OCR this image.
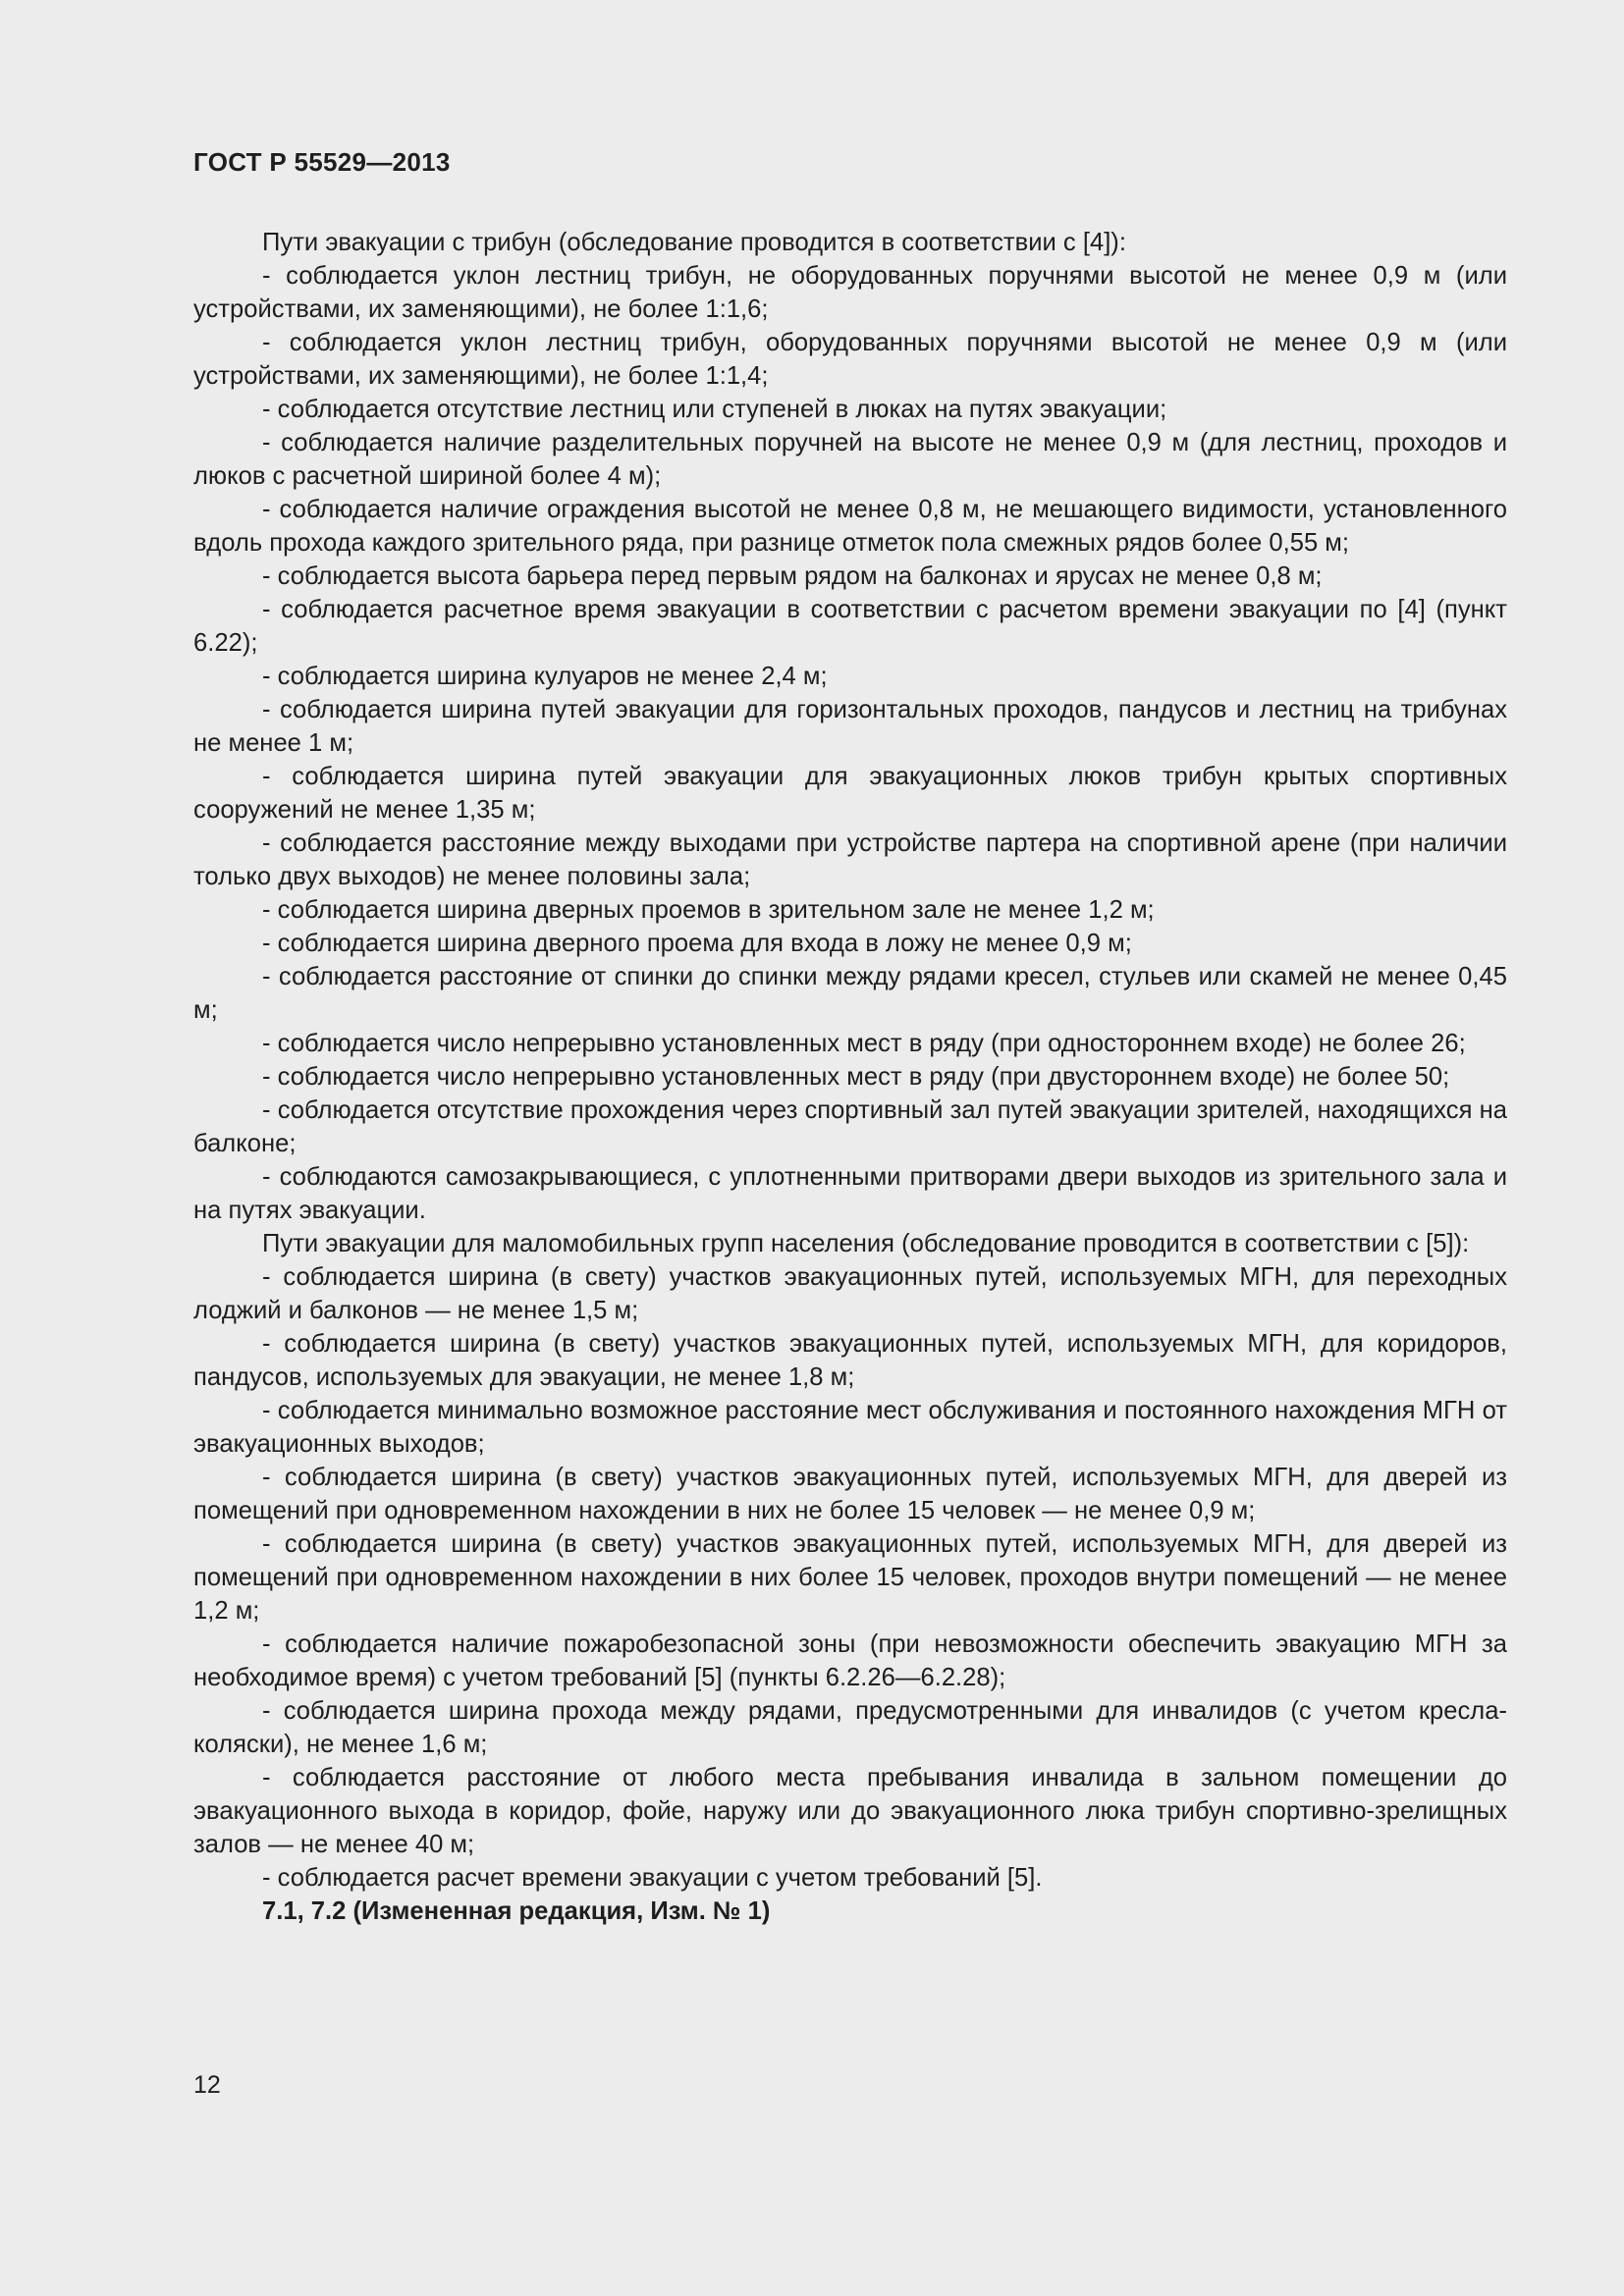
ГОСТ Р 55529—2013

Пути эвакуации с трибун (обследование проводится в соответствии с [4]):

- соблюдается уклон лестниц трибун, не оборудованных поручнями высотой не менее 0,9 м (или устройствами, их заменяющими), не более 1:1,6;

- соблюдается уклон лестниц трибун, оборудованных поручнями высотой не менее 0,9 м (или устройствами, их заменяющими), не более 1:1,4;

- соблюдается отсутствие лестниц или ступеней в люках на путях эвакуации;

- соблюдается наличие разделительных поручней на высоте не менее 0,9 м (для лестниц, проходов и люков с расчетной шириной более 4 м);

- соблюдается наличие ограждения высотой не менее 0,8 м, не мешающего видимости, установленного вдоль прохода каждого зрительного ряда, при разнице отметок пола смежных рядов более 0,55 м;

- соблюдается высота барьера перед первым рядом на балконах и ярусах не менее 0,8 м;

- соблюдается расчетное время эвакуации в соответствии с расчетом времени эвакуации по [4] (пункт 6.22);

- соблюдается ширина кулуаров не менее 2,4 м;

- соблюдается ширина путей эвакуации для горизонтальных проходов, пандусов и лестниц на трибунах не менее 1 м;

- соблюдается ширина путей эвакуации для эвакуационных люков трибун крытых спортивных сооружений не менее 1,35 м;

- соблюдается расстояние между выходами при устройстве партера на спортивной арене (при наличии только двух выходов) не менее половины зала;

- соблюдается ширина дверных проемов в зрительном зале не менее 1,2 м;

- соблюдается ширина дверного проема для входа в ложу не менее 0,9 м;

- соблюдается расстояние от спинки до спинки между рядами кресел, стульев или скамей не менее 0,45 м;

- соблюдается число непрерывно установленных мест в ряду (при одностороннем входе) не более 26;

- соблюдается число непрерывно установленных мест в ряду (при двустороннем входе) не более 50;

- соблюдается отсутствие прохождения через спортивный зал путей эвакуации зрителей, находящихся на балконе;

- соблюдаются самозакрывающиеся, с уплотненными притворами двери выходов из зрительного зала и на путях эвакуации.

Пути эвакуации для маломобильных групп населения (обследование проводится в соответствии с [5]):

- соблюдается ширина (в свету) участков эвакуационных путей, используемых МГН, для переходных лоджий и балконов — не менее 1,5 м;

- соблюдается ширина (в свету) участков эвакуационных путей, используемых МГН, для коридоров, пандусов, используемых для эвакуации, не менее 1,8 м;

- соблюдается минимально возможное расстояние мест обслуживания и постоянного нахождения МГН от эвакуационных выходов;

- соблюдается ширина (в свету) участков эвакуационных путей, используемых МГН, для дверей из помещений при одновременном нахождении в них не более 15 человек — не менее 0,9 м;

- соблюдается ширина (в свету) участков эвакуационных путей, используемых МГН, для дверей из помещений при одновременном нахождении в них более 15 человек, проходов внутри помещений — не менее 1,2 м;

- соблюдается наличие пожаробезопасной зоны (при невозможности обеспечить эвакуацию МГН за необходимое время) с учетом требований [5] (пункты 6.2.26—6.2.28);

- соблюдается ширина прохода между рядами, предусмотренными для инвалидов (с учетом кресла-коляски), не менее 1,6 м;

- соблюдается расстояние от любого места пребывания инвалида в зальном помещении до эвакуационного выхода в коридор, фойе, наружу или до эвакуационного люка трибун спортивно-зрелищных залов — не менее 40 м;

- соблюдается расчет времени эвакуации с учетом требований [5].

7.1, 7.2 (Измененная редакция, Изм. № 1)

12
